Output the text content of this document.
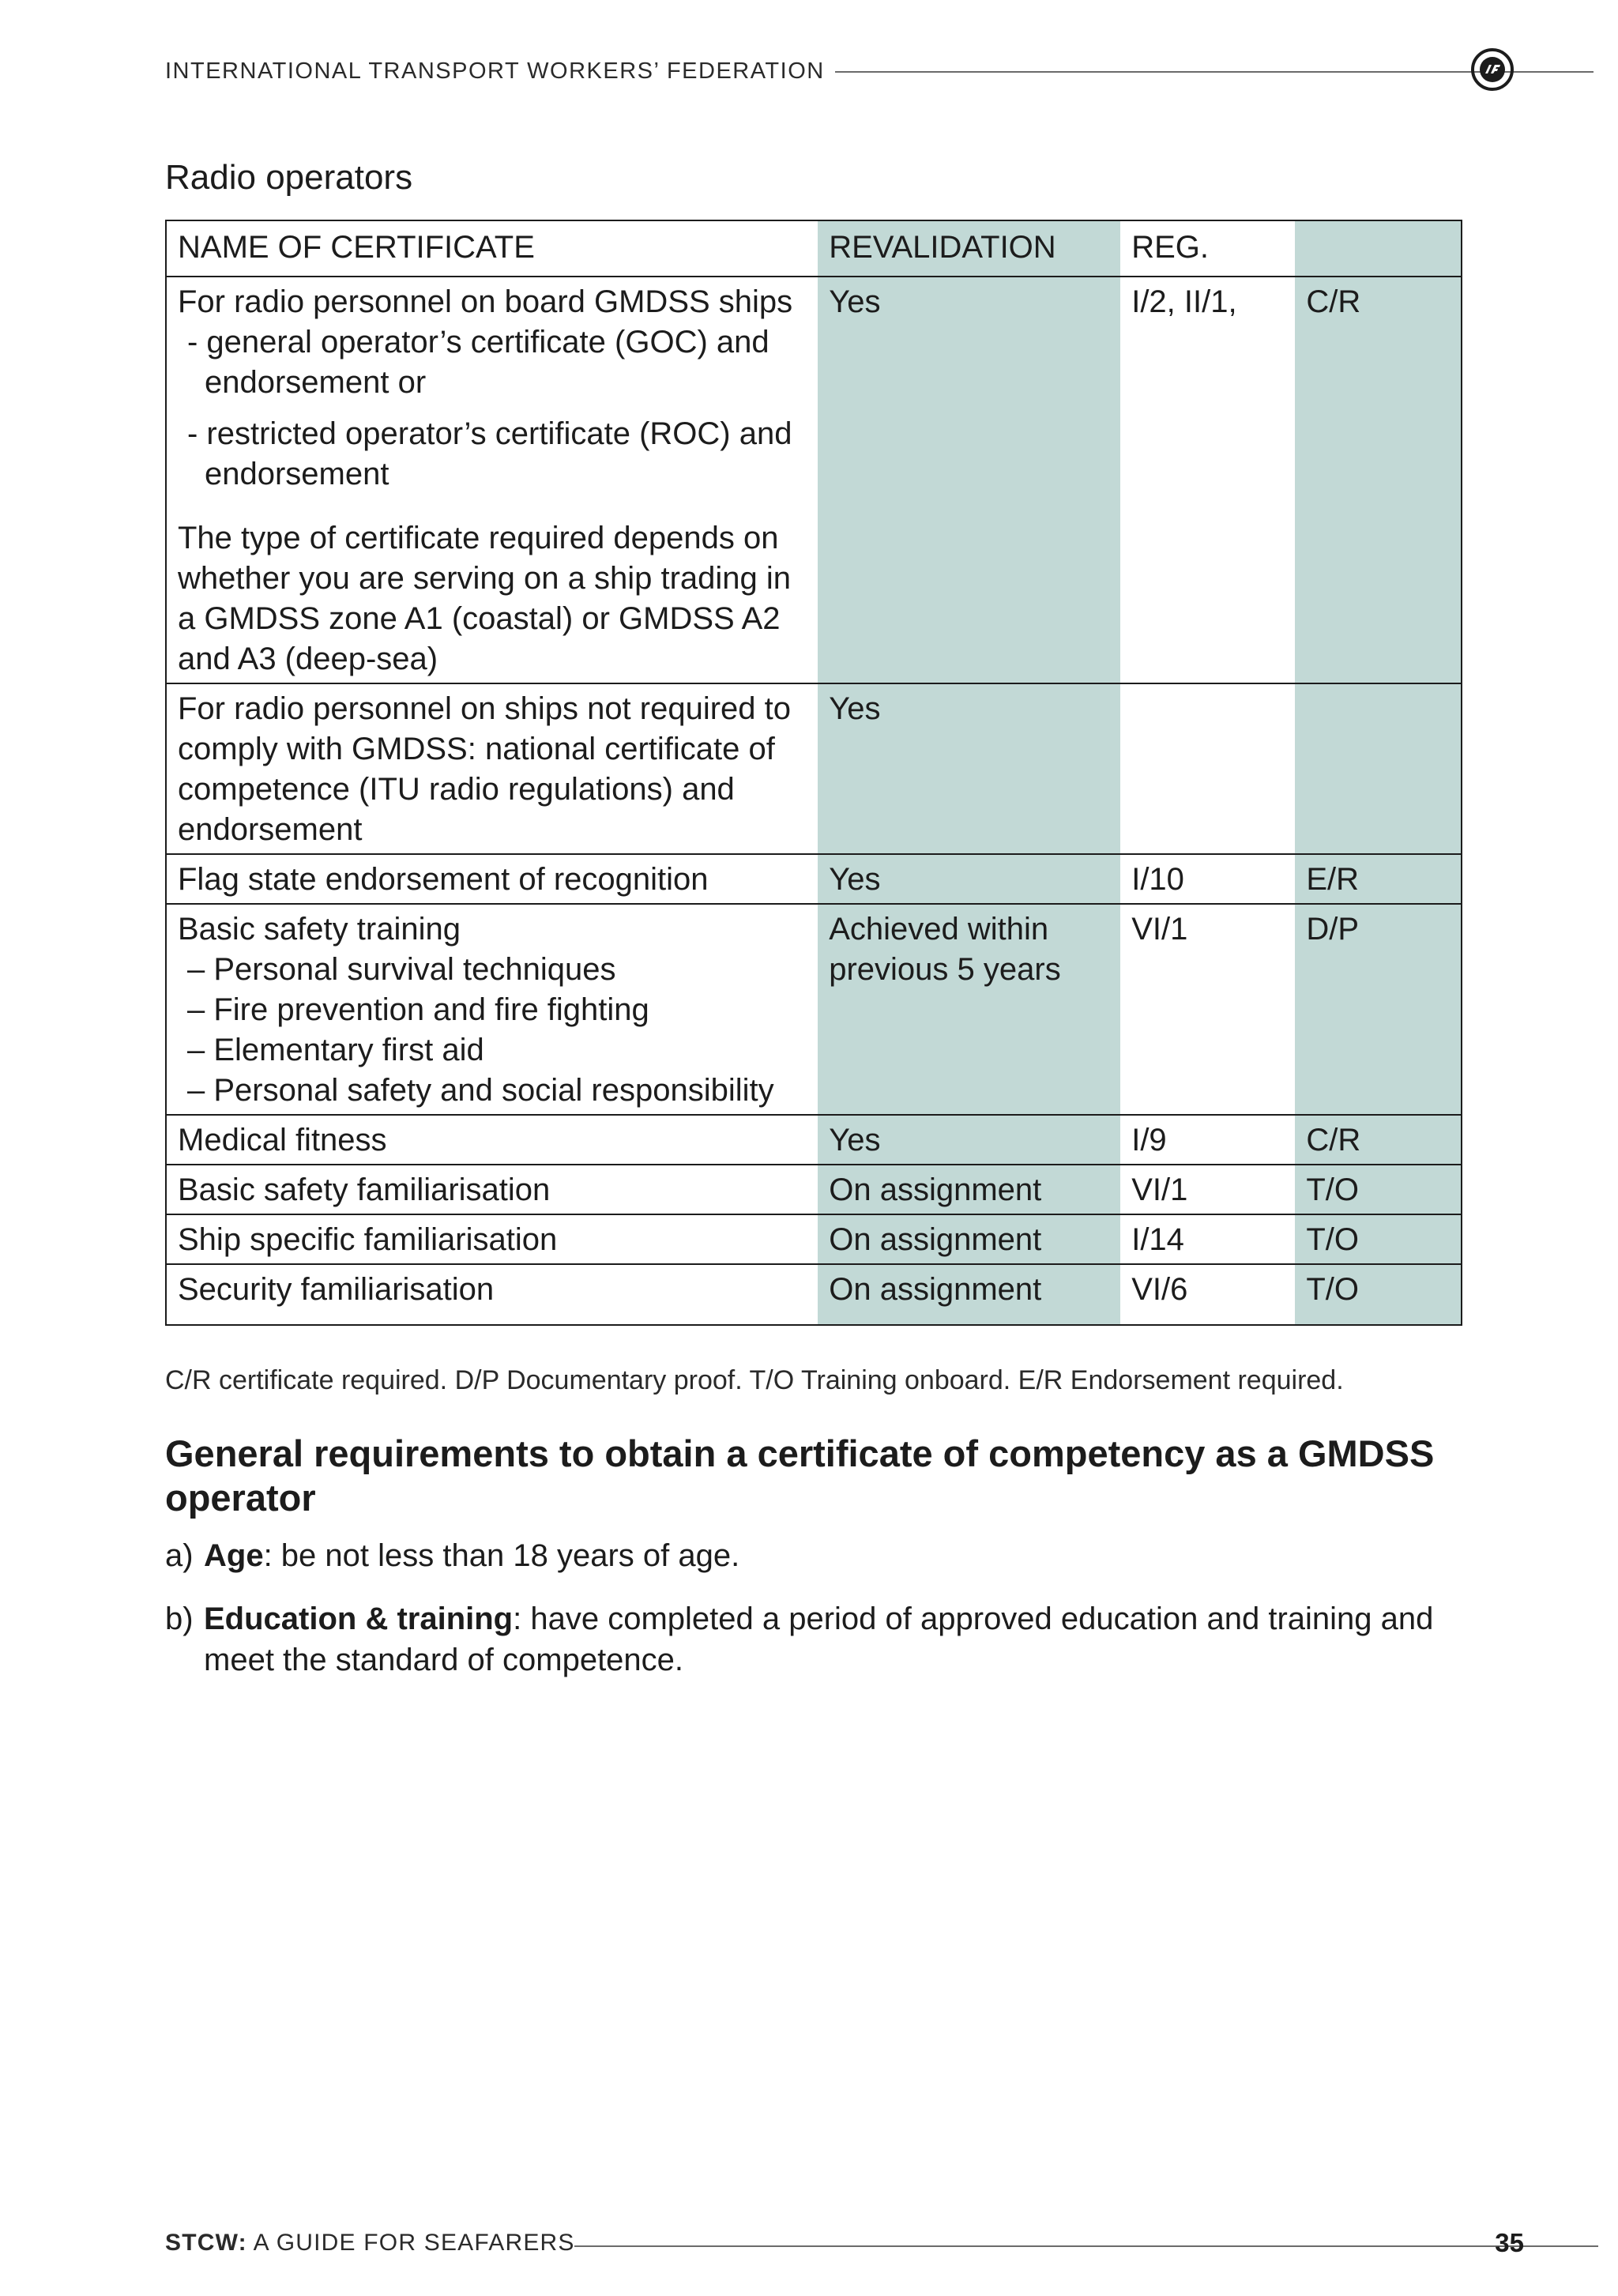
INTERNATIONAL TRANSPORT WORKERS’ FEDERATION
Radio operators
NAME OF CERTIFICATE	REVALIDATION	REG.	

For radio personnel on board GMDSS ships
- general operator’s certificate (GOC) and endorsement or
- restricted operator’s certificate (ROC) and endorsement
The type of certificate required depends on whether you are serving on a ship trading in a GMDSS zone A1 (coastal) or GMDSS A2 and A3 (deep-sea)	Yes	I/2, II/1,	C/R
For radio personnel on ships not required to comply with GMDSS: national certificate of competence (ITU radio regulations) and endorsement	Yes		
Flag state endorsement of recognition	Yes	I/10	E/R

Basic safety training
– Personal survival techniques
– Fire prevention and fire fighting
– Elementary first aid
– Personal safety and social responsibility	Achieved within previous 5 years	VI/1	D/P
Medical fitness	Yes	I/9	C/R
Basic safety familiarisation	On assignment	VI/1	T/O
Ship specific familiarisation	On assignment	I/14	T/O
Security familiarisation	On assignment	VI/6	T/O
C/R certificate required. D/P Documentary proof. T/O Training onboard. E/R Endorsement required.
General requirements to obtain a certificate of competency as a GMDSS operator
a) Age: be not less than 18 years of age.
b) Education & training: have completed a period of approved education and training and meet the standard of competence.
STCW: A GUIDE FOR SEAFARERS	35
